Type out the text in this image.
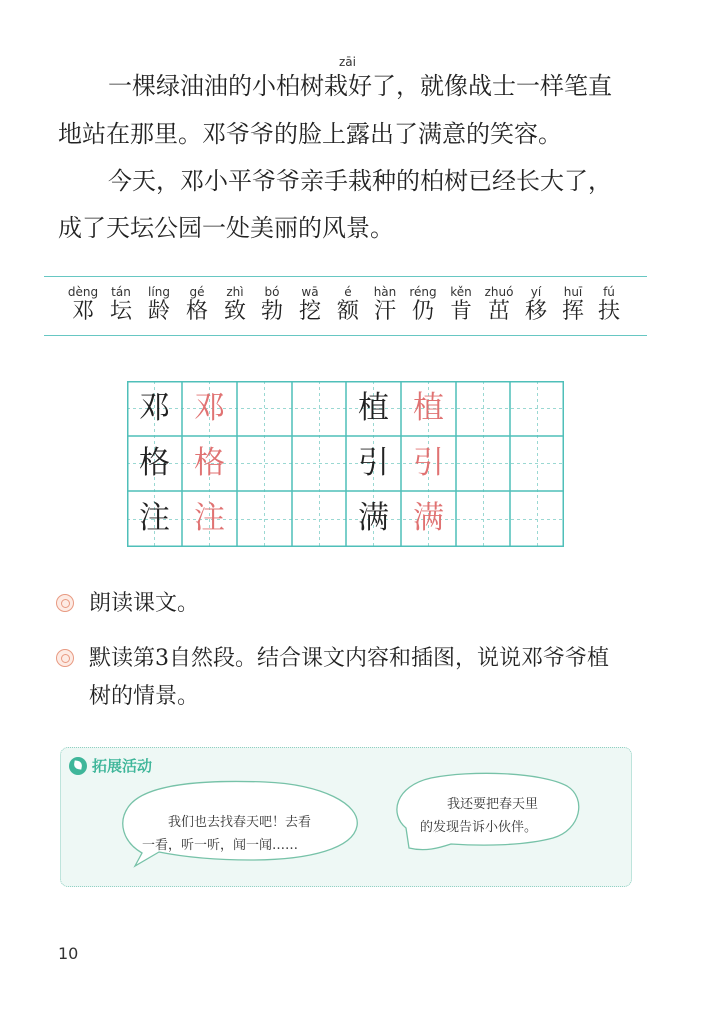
zāi
一棵绿油油的小柏树栽好了，就像战士一样笔直
地站在那里。邓爷爷的脸上露出了满意的笑容。
今天，邓小平爷爷亲手栽种的柏树已经长大了，
成了天坛公园一处美丽的风景。
dèng
邓
tán
坛
líng
龄
gé
格
zhì
致
bó
勃
wā
挖
é
额
hàn
汗
réng
仍
kěn
肯
zhuó
茁
yí
移
huī
挥
fú
扶
邓 邓
格 格
注 注
植 植
引 引
满 满
朗读课文。
默读第3自然段。结合课文内容和插图，说说邓爷爷植
树的情景。
拓展活动
我们也去找春天吧！去看
一看，听一听，闻一闻……
我还要把春天里
的发现告诉小伙伴。
10
